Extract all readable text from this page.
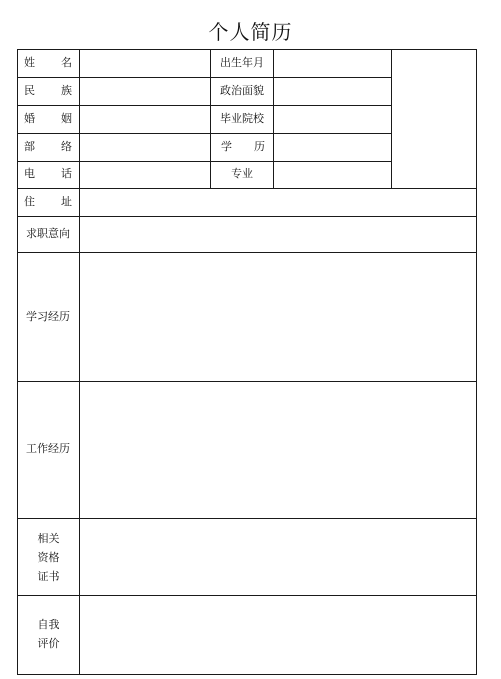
个人简历
姓 名
民 族
婚 姻
部 络
电 话
住 址
求职意向
出生年月
政治面貌
毕业院校
学 历
专业
学习经历
工作经历
相关
资格
证书
自我
评价
